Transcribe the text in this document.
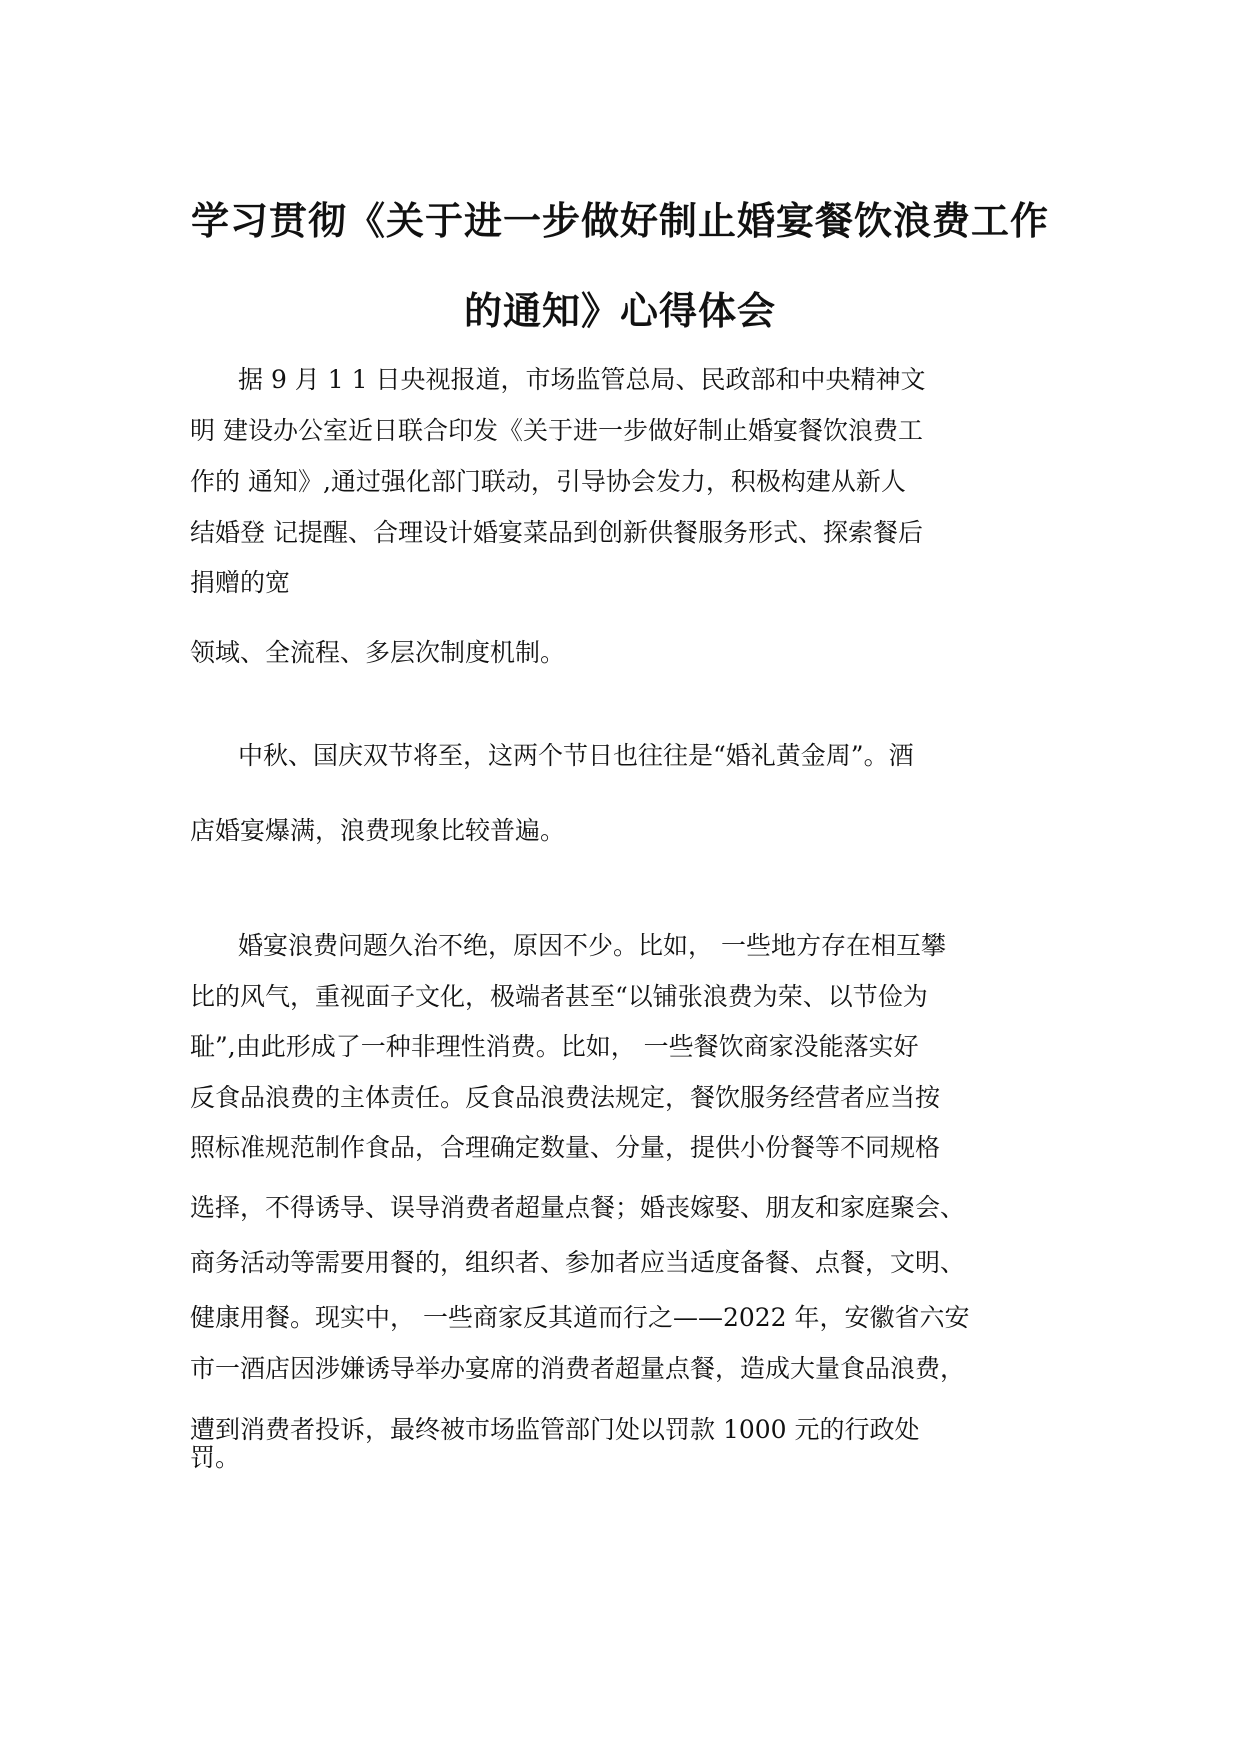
学习贯彻《关于进一步做好制止婚宴餐饮浪费工作
的通知》心得体会

据 9 月 1 1 日央视报道，市场监管总局、民政部和中央精神文

明 建设办公室近日联合印发《关于进一步做好制止婚宴餐饮浪费工

作的 通知》,通过强化部门联动，引导协会发力，积极构建从新人

结婚登 记提醒、合理设计婚宴菜品到创新供餐服务形式、探索餐后

捐赠的宽

领域、全流程、多层次制度机制。

中秋、国庆双节将至，这两个节日也往往是“婚礼黄金周”。酒

店婚宴爆满，浪费现象比较普遍。

婚宴浪费问题久治不绝，原因不少。比如， 一些地方存在相互攀

比的风气，重视面子文化，极端者甚至“以铺张浪费为荣、以节俭为

耻”,由此形成了一种非理性消费。比如， 一些餐饮商家没能落实好

反食品浪费的主体责任。反食品浪费法规定，餐饮服务经营者应当按

照标准规范制作食品，合理确定数量、分量，提供小份餐等不同规格

选择，不得诱导、误导消费者超量点餐；婚丧嫁娶、朋友和家庭聚会、

商务活动等需要用餐的，组织者、参加者应当适度备餐、点餐，文明、

健康用餐。现实中， 一些商家反其道而行之——2022 年，安徽省六安

市一酒店因涉嫌诱导举办宴席的消费者超量点餐，造成大量食品浪费，

遭到消费者投诉，最终被市场监管部门处以罚款 1000 元的行政处

罚。
